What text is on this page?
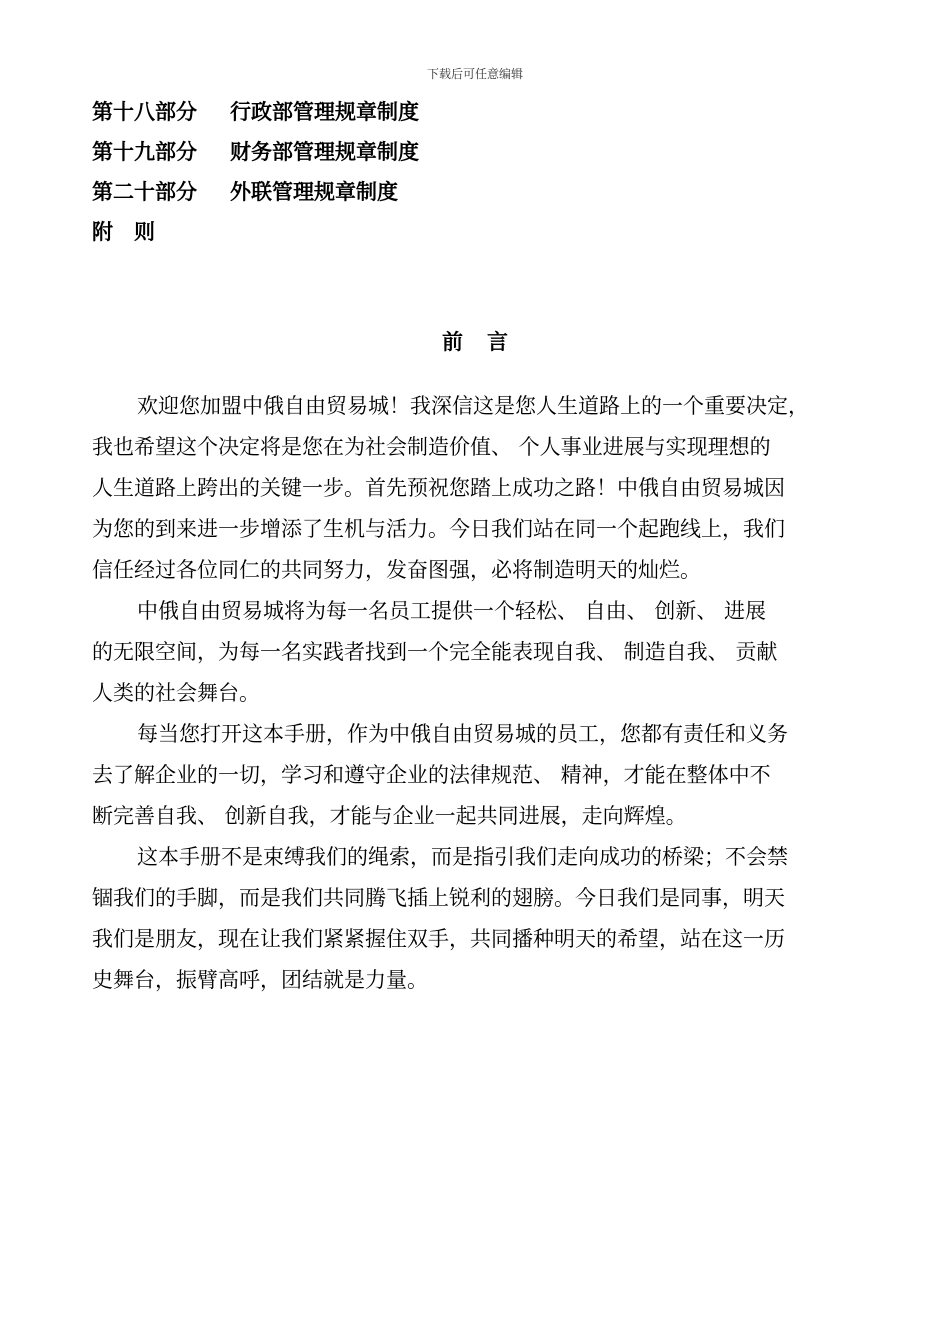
下载后可任意编辑
第十八部分 行政部管理规章制度
第十九部分 财务部管理规章制度
第二十部分 外联管理规章制度
附则
前言

欢迎您加盟中俄自由贸易城！我深信这是您人生道路上的一个重要决定，
我也希望这个决定将是您在为社会制造价值、 个人事业进展与实现理想的
人生道路上跨出的关键一步。首先预祝您踏上成功之路！中俄自由贸易城因
为您的到来进一步增添了生机与活力。今日我们站在同一个起跑线上，我们
信任经过各位同仁的共同努力，发奋图强，必将制造明天的灿烂。

中俄自由贸易城将为每一名员工提供一个轻松、 自由、 创新、 进展
的无限空间，为每一名实践者找到一个完全能表现自我、 制造自我、 贡献
人类的社会舞台。

每当您打开这本手册，作为中俄自由贸易城的员工，您都有责任和义务
去了解企业的一切，学习和遵守企业的法律规范、 精神，才能在整体中不
断完善自我、 创新自我，才能与企业一起共同进展，走向辉煌。

这本手册不是束缚我们的绳索，而是指引我们走向成功的桥梁；不会禁
锢我们的手脚，而是我们共同腾飞插上锐利的翅膀。今日我们是同事，明天
我们是朋友，现在让我们紧紧握住双手，共同播种明天的希望，站在这一历
史舞台，振臂高呼，团结就是力量。
